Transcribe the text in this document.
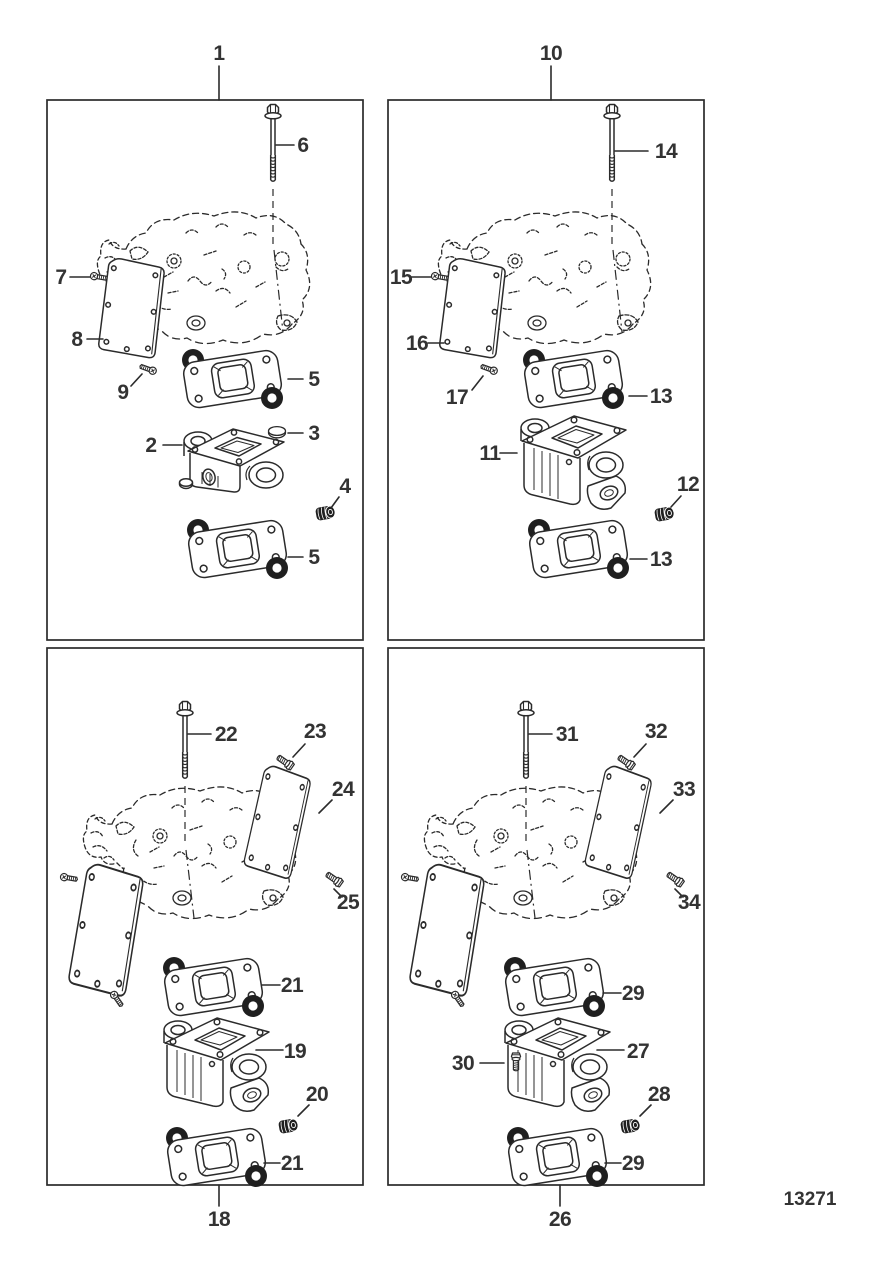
1
6
7
8
9
5
2
3
4
5
10
14
15
16
17	13
11
12
13
22	23
24
25
21
19
20
21
18
31	32
33
34
29
27
30
28
29
26
13271
